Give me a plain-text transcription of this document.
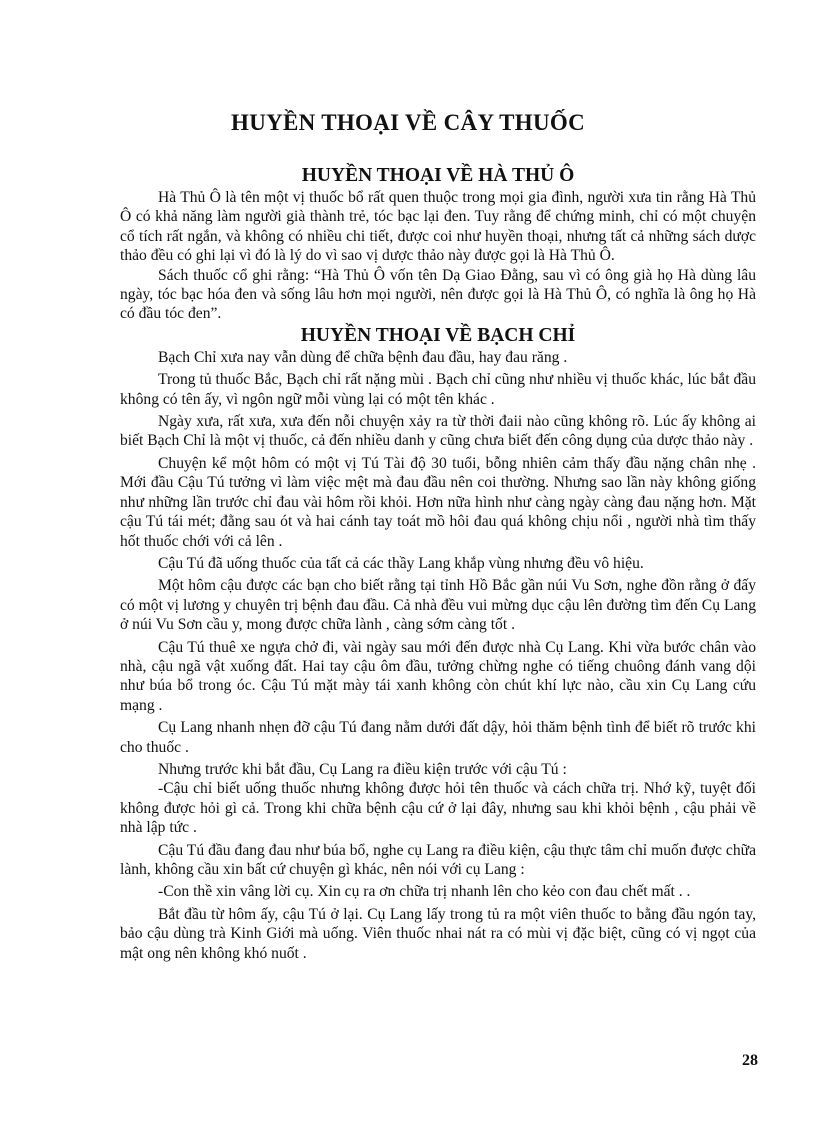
HUYỀN THOẠI VỀ CÂY THUỐC
HUYỀN THOẠI VỀ HÀ THỦ Ô

Hà Thủ Ô là tên một vị thuốc bổ rất quen thuộc trong mọi gia đình, người xưa tin rằng Hà Thủ Ô có khả năng làm người già thành trẻ, tóc bạc lại đen. Tuy rằng để chứng minh, chỉ có một chuyện cổ tích rất ngắn, và không có nhiều chi tiết, được coi như huyền thoại, nhưng tất cả những sách dược thảo đều có ghi lại vì đó là lý do vì sao vị dược thảo này được gọi là Hà Thủ Ô.

Sách thuốc cổ ghi rằng: “Hà Thủ Ô vốn tên Dạ Giao Đằng, sau vì có ông già họ Hà dùng lâu ngày, tóc bạc hóa đen và sống lâu hơn mọi người, nên được gọi là Hà Thủ Ô, có nghĩa là ông họ Hà có đầu tóc đen”.

HUYỀN THOẠI VỀ BẠCH CHỈ

Bạch Chỉ xưa nay vẫn dùng để chữa bệnh đau đầu, hay đau răng .

Trong tủ thuốc Bắc, Bạch chỉ rất nặng mùi . Bạch chỉ cũng như nhiều vị thuốc khác, lúc bắt đầu không có tên ấy, vì ngôn ngữ mỗi vùng lại có một tên khác .

Ngày xưa, rất xưa, xưa đến nỗi chuyện xảy ra từ thời đaii nào cũng không rõ. Lúc ấy không ai biết Bạch Chỉ là một vị thuốc, cả đến nhiều danh y cũng chưa biết đến công dụng của dược thảo này .

Chuyện kể một hôm có một vị Tú Tài độ 30 tuổi, bỗng nhiên cảm thấy đầu nặng chân nhẹ . Mới đầu Cậu Tú tưởng vì làm việc mệt mà đau đầu nên coi thường. Nhưng sao lần này không giống như những lần trước chỉ đau vài hôm rồi khỏi. Hơn nữa hình như càng ngày càng đau nặng hơn. Mặt cậu Tú tái mét; đằng sau ót và hai cánh tay toát mồ hôi đau quá không chịu nổi , người nhà tìm thấy hốt thuốc chới với cả lên .

Cậu Tú đã uống thuốc của tất cả các thầy Lang khắp vùng nhưng đều vô hiệu.

Một hôm cậu được các bạn cho biết rằng tại tỉnh Hồ Bắc gần núi Vu Sơn, nghe đồn rằng ở đấy có một vị lương y chuyên trị bệnh đau đầu. Cả nhà đều vui mừng dục cậu lên đường tìm đến Cụ Lang ở núi Vu Sơn cầu y, mong được chữa lành , càng sớm càng tốt .

Cậu Tú thuê xe ngựa chở đi, vài ngày sau mới đến được nhà Cụ Lang. Khi vừa bước chân vào nhà, cậu ngã vật xuống đất. Hai tay cậu ôm đầu, tưởng chừng nghe có tiếng chuông đánh vang dội như búa bổ trong óc. Cậu Tú mặt mày tái xanh không còn chút khí lực nào, cầu xin Cụ Lang cứu mạng .

Cụ Lang nhanh nhẹn đỡ cậu Tú đang nằm dưới đất dậy, hỏi thăm bệnh tình để biết rõ trước khi cho thuốc .

Nhưng trước khi bắt đầu, Cụ Lang ra điều kiện trước với cậu Tú :

-Cậu chỉ biết uống thuốc nhưng không được hỏi tên thuốc và cách chữa trị. Nhớ kỹ, tuyệt đối không được hỏi gì cả. Trong khi chữa bệnh cậu cứ ở lại đây, nhưng sau khi khỏi bệnh , cậu phải về nhà lập tức .

Cậu Tú đầu đang đau như búa bổ, nghe cụ Lang ra điều kiện, cậu thực tâm chỉ muốn được chữa lành, không cầu xin bất cứ chuyện gì khác, nên nói với cụ Lang :

-Con thề xin vâng lời cụ. Xin cụ ra ơn chữa trị nhanh lên cho kẻo con đau chết mất . .

Bắt đầu từ hôm ấy, cậu Tú ở lại. Cụ Lang lấy trong tủ ra một viên thuốc to bằng đầu ngón tay, bảo cậu dùng trà Kinh Giới mà uống. Viên thuốc nhai nát ra có mùi vị đặc biệt, cũng có vị ngọt của mật ong nên không khó nuốt .

28
